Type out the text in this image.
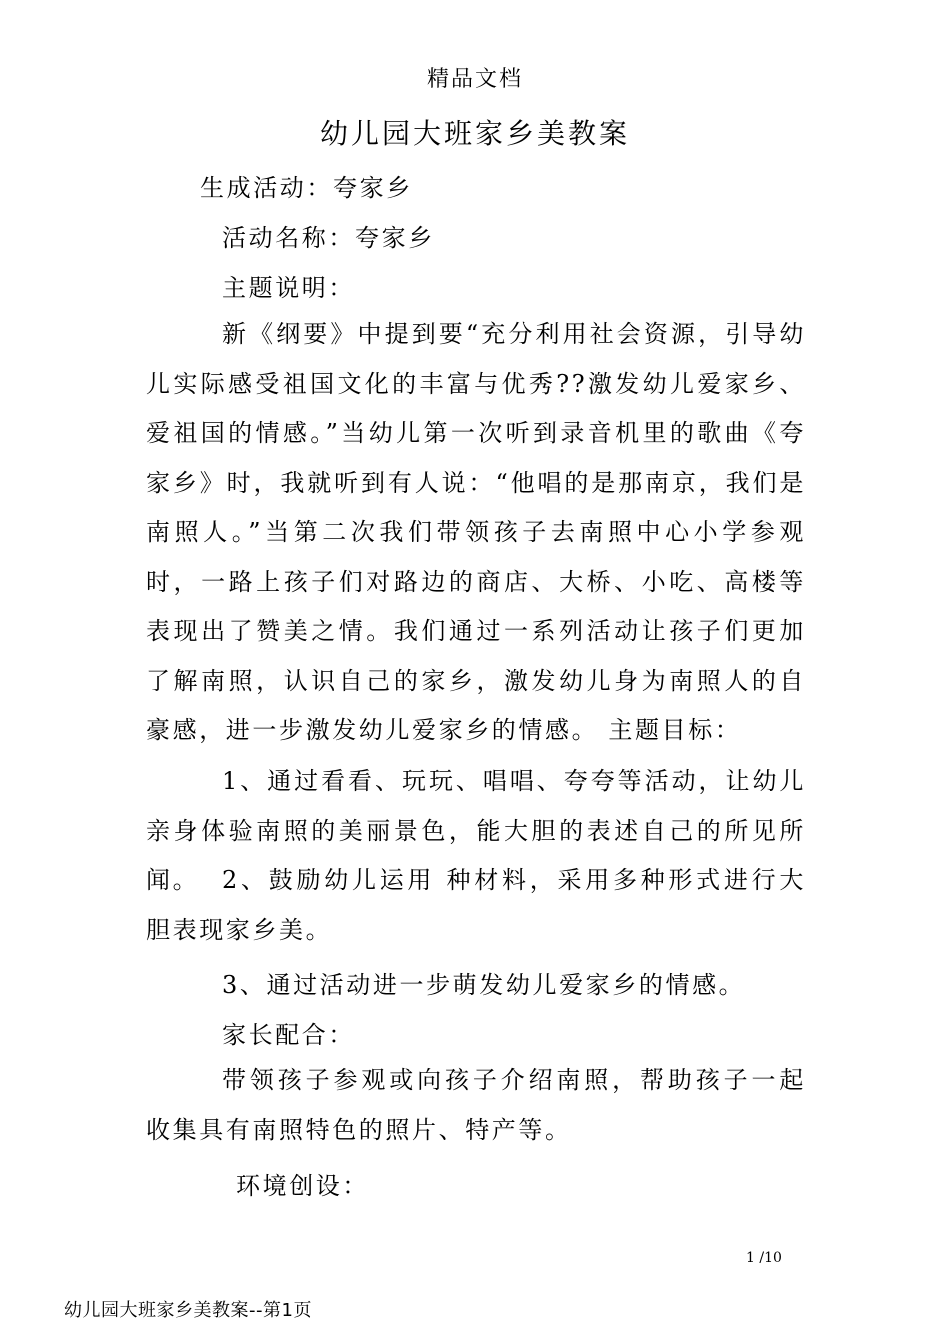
精品文档
幼儿园大班家乡美教案
生成活动：夸家乡
活动名称：夸家乡
主题说明：
新《纲要》中提到要“充分利用社会资源，引导幼儿实际感受祖国文化的丰富与优秀??激发幼儿爱家乡、爱祖国的情感。”当幼儿第一次听到录音机里的歌曲《夸家乡》时，我就听到有人说：“他唱的是那南京，我们是南照人。”当第二次我们带领孩子去南照中心小学参观时，一路上孩子们对路边的商店、大桥、小吃、高楼等表现出了赞美之情。我们通过一系列活动让孩子们更加了解南照，认识自己的家乡，激发幼儿身为南照人的自豪感，进一步激发幼儿爱家乡的情感。 主题目标：
1、通过看看、玩玩、唱唱、夸夸等活动，让幼儿亲身体验南照的美丽景色，能大胆的表述自己的所见所闻。 2、鼓励幼儿运用 种材料，采用多种形式进行大胆表现家乡美。
3、通过活动进一步萌发幼儿爱家乡的情感。
家长配合：
带领孩子参观或向孩子介绍南照，帮助孩子一起收集具有南照特色的照片、特产等。
环境创设：
1 /10
幼儿园大班家乡美教案--第1页
